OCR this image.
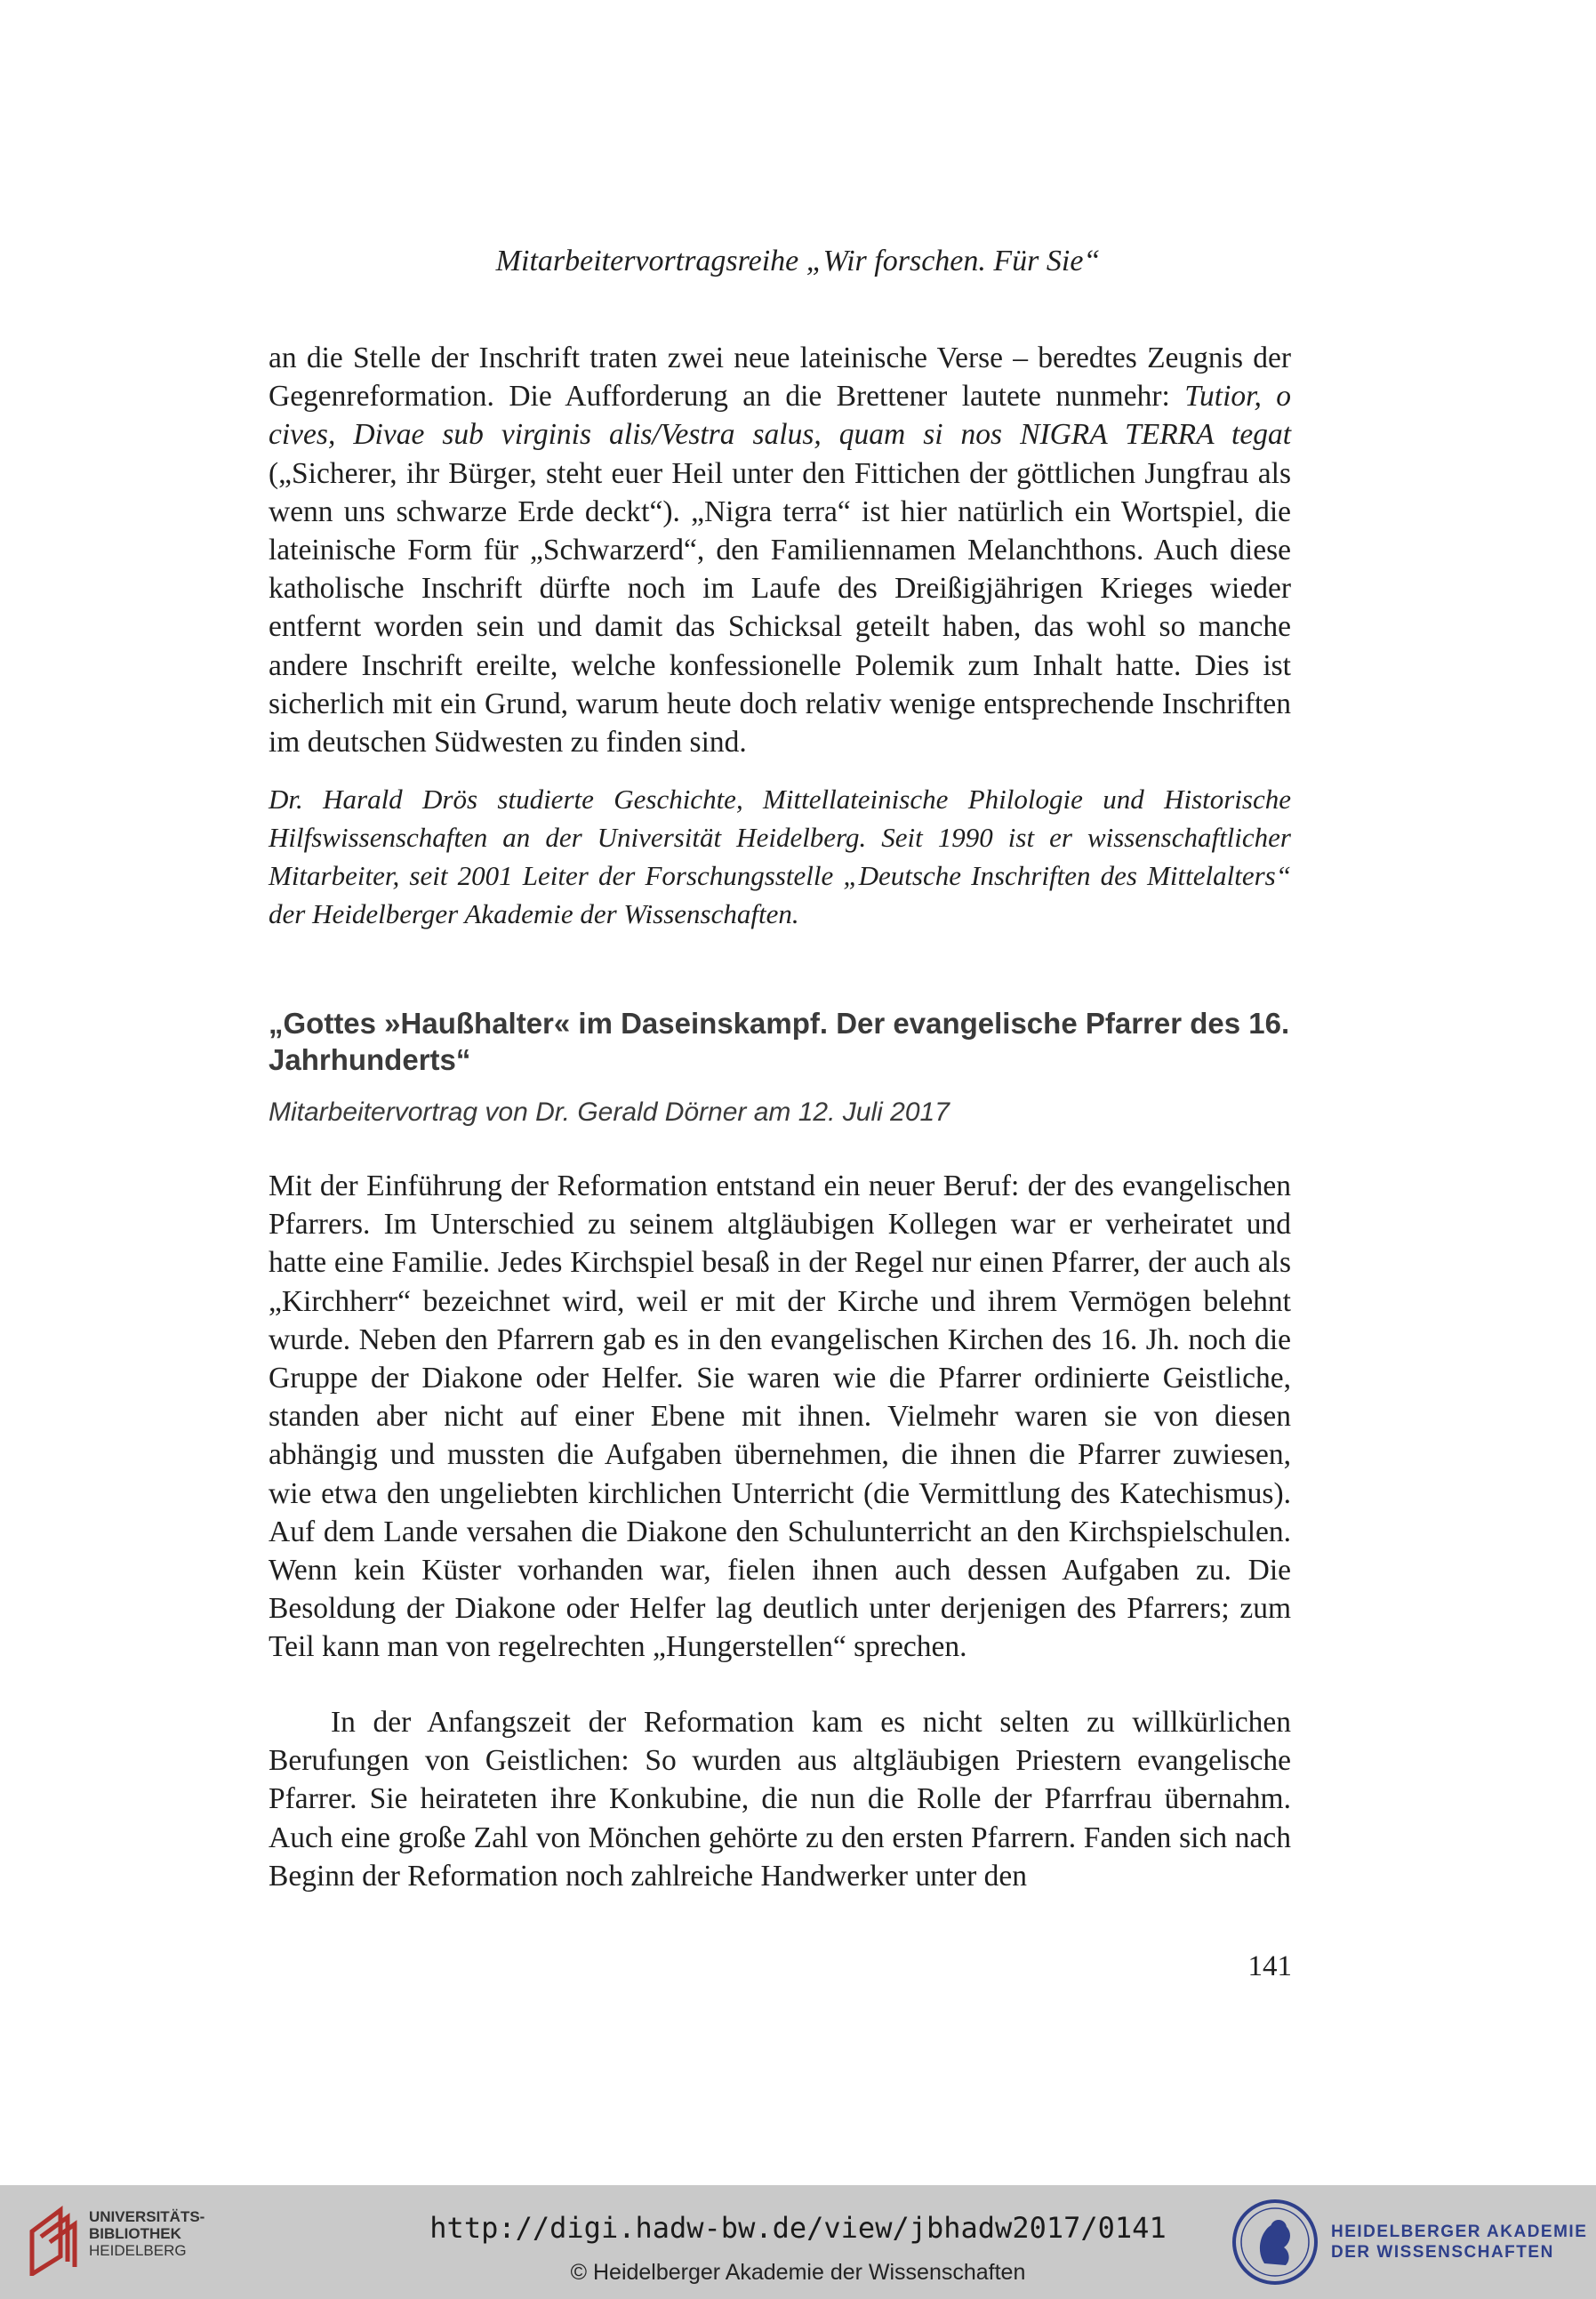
Mitarbeitervortragsreihe „Wir forschen. Für Sie“
an die Stelle der Inschrift traten zwei neue lateinische Verse – beredtes Zeugnis der Gegenreformation. Die Aufforderung an die Brettener lautete nunmehr: Tutior, o cives, Divae sub virginis alis/Vestra salus, quam si nos NIGRA TERRA tegat („Sicherer, ihr Bürger, steht euer Heil unter den Fittichen der göttlichen Jungfrau als wenn uns schwarze Erde deckt“). „Nigra terra“ ist hier natürlich ein Wortspiel, die lateinische Form für „Schwarzerd“, den Familiennamen Melanchthons. Auch diese katholische Inschrift dürfte noch im Laufe des Dreißigjährigen Krieges wieder entfernt worden sein und damit das Schicksal geteilt haben, das wohl so manche andere Inschrift ereilte, welche konfessionelle Polemik zum Inhalt hatte. Dies ist sicherlich mit ein Grund, warum heute doch relativ wenige entsprechende Inschriften im deutschen Südwesten zu finden sind.

Dr. Harald Drös studierte Geschichte, Mittellateinische Philologie und Historische Hilfswissenschaften an der Universität Heidelberg. Seit 1990 ist er wissenschaftlicher Mitarbeiter, seit 2001 Leiter der Forschungsstelle „Deutsche Inschriften des Mittelalters“ der Heidelberger Akademie der Wissenschaften.

„Gottes »Haußhalter« im Daseinskampf. Der evangelische Pfarrer des 16. Jahrhunderts“
Mitarbeitervortrag von Dr. Gerald Dörner am 12. Juli 2017

Mit der Einführung der Reformation entstand ein neuer Beruf: der des evangelischen Pfarrers. Im Unterschied zu seinem altgläubigen Kollegen war er verheiratet und hatte eine Familie. Jedes Kirchspiel besaß in der Regel nur einen Pfarrer, der auch als „Kirchherr“ bezeichnet wird, weil er mit der Kirche und ihrem Vermögen belehnt wurde. Neben den Pfarrern gab es in den evangelischen Kirchen des 16. Jh. noch die Gruppe der Diakone oder Helfer. Sie waren wie die Pfarrer ordinierte Geistliche, standen aber nicht auf einer Ebene mit ihnen. Vielmehr waren sie von diesen abhängig und mussten die Aufgaben übernehmen, die ihnen die Pfarrer zuwiesen, wie etwa den ungeliebten kirchlichen Unterricht (die Vermittlung des Katechismus). Auf dem Lande versahen die Diakone den Schulunterricht an den Kirchspielschulen. Wenn kein Küster vorhanden war, fielen ihnen auch dessen Aufgaben zu. Die Besoldung der Diakone oder Helfer lag deutlich unter derjenigen des Pfarrers; zum Teil kann man von regelrechten „Hungerstellen“ sprechen.

In der Anfangszeit der Reformation kam es nicht selten zu willkürlichen Berufungen von Geistlichen: So wurden aus altgläubigen Priestern evangelische Pfarrer. Sie heirateten ihre Konkubine, die nun die Rolle der Pfarrfrau übernahm. Auch eine große Zahl von Mönchen gehörte zu den ersten Pfarrern. Fanden sich nach Beginn der Reformation noch zahlreiche Handwerker unter den

141
UNIVERSITÄTS-
BIBLIOTHEK
HEIDELBERG
http://digi.hadw-bw.de/view/jbhadw2017/0141
© Heidelberger Akademie der Wissenschaften
HEIDELBERGER AKADEMIE
DER WISSENSCHAFTEN
